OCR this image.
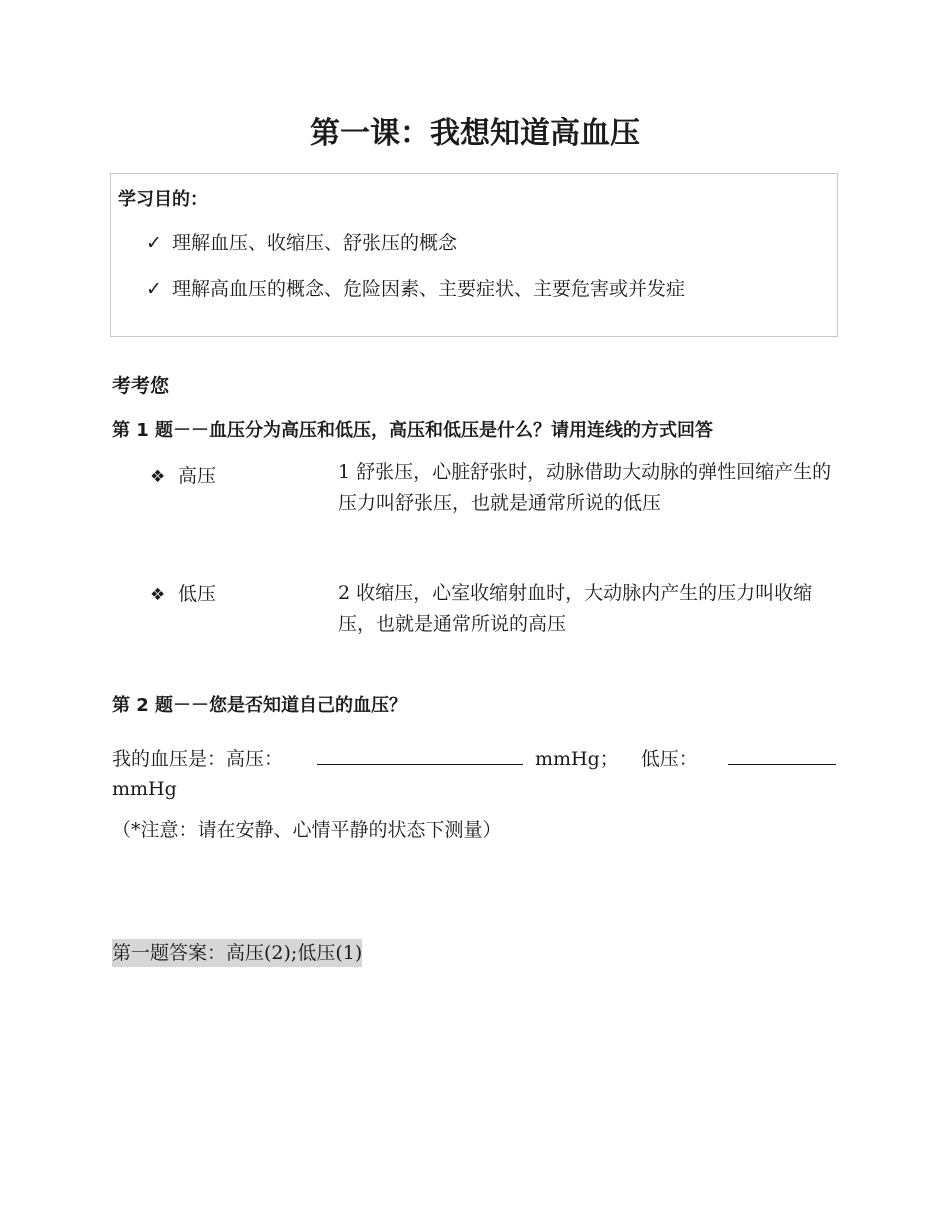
第一课：我想知道高血压
学习目的：
✓ 理解血压、收缩压、舒张压的概念
✓ 理解高血压的概念、危险因素、主要症状、主要危害或并发症
考考您
第 1 题－－血压分为高压和低压，高压和低压是什么？请用连线的方式回答
❖ 高压	1 舒张压，心脏舒张时，动脉借助大动脉的弹性回缩产生的压力叫舒张压，也就是通常所说的低压
❖ 低压	2 收缩压，心室收缩射血时，大动脉内产生的压力叫收缩压，也就是通常所说的高压
第 2 题－－您是否知道自己的血压？
我的血压是：高压：	mmHg； 低压：
mmHg
（*注意：请在安静、心情平静的状态下测量）
第一题答案：高压(2);低压(1)
